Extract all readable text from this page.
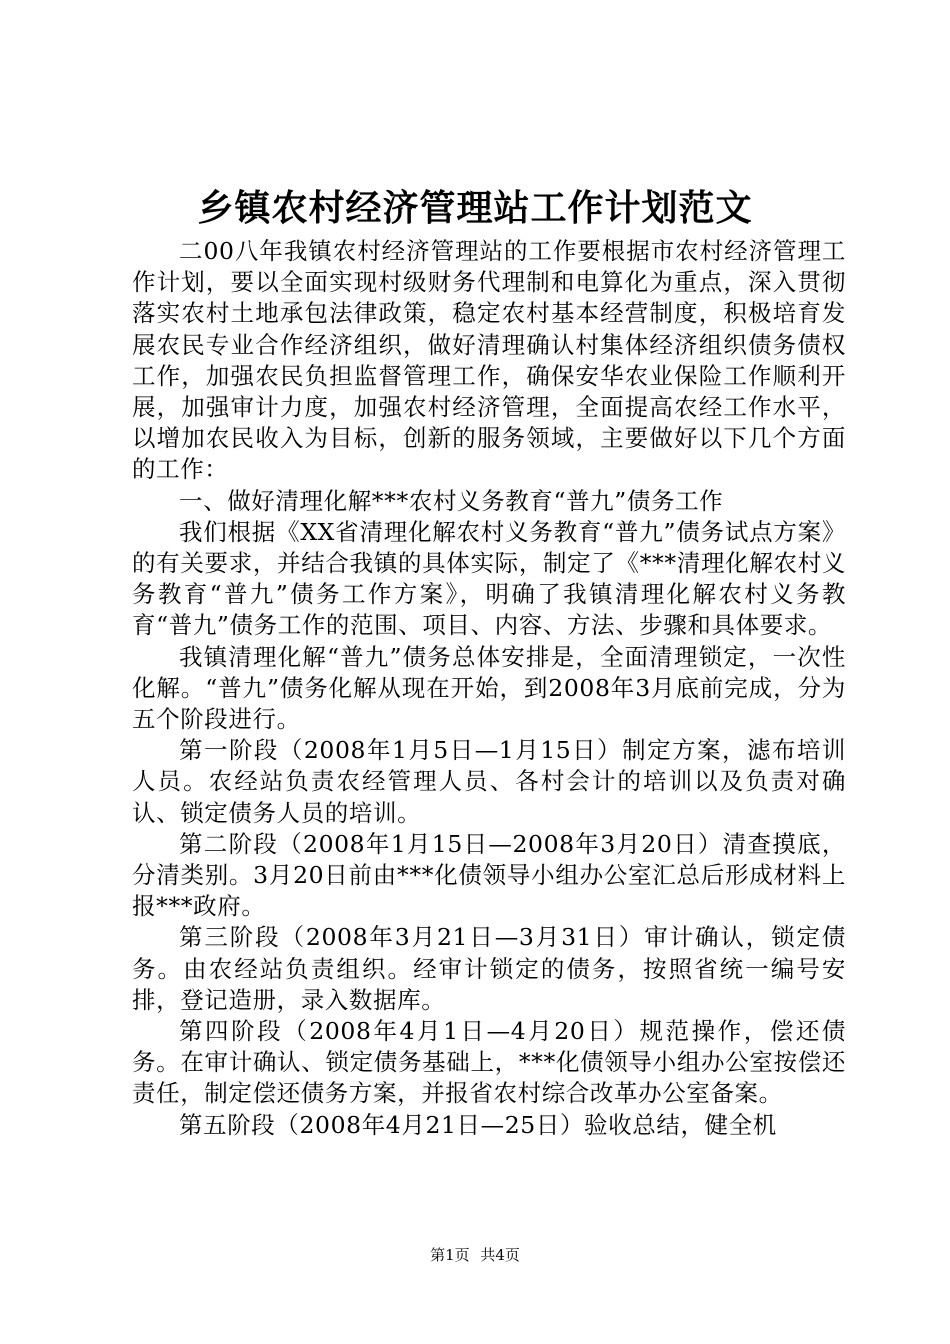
乡镇农村经济管理站工作计划范文

二00八年我镇农村经济管理站的工作要根据市农村经济管理工作计划，要以全面实现村级财务代理制和电算化为重点，深入贯彻落实农村土地承包法律政策，稳定农村基本经营制度，积极培育发展农民专业合作经济组织，做好清理确认村集体经济组织债务债权工作，加强农民负担监督管理工作，确保安华农业保险工作顺利开展，加强审计力度，加强农村经济管理，全面提高农经工作水平，以增加农民收入为目标，创新的服务领域，主要做好以下几个方面的工作：

一、做好清理化解***农村义务教育“普九”债务工作

我们根据《XX省清理化解农村义务教育“普九”债务试点方案》的有关要求，并结合我镇的具体实际，制定了《***清理化解农村义务教育“普九”债务工作方案》，明确了我镇清理化解农村义务教育“普九”债务工作的范围、项目、内容、方法、步骤和具体要求。

我镇清理化解“普九”债务总体安排是，全面清理锁定，一次性化解。“普九”债务化解从现在开始，到2008年3月底前完成，分为五个阶段进行。

第一阶段（2008年1月5日—1月15日）制定方案，滤布培训人员。农经站负责农经管理人员、各村会计的培训以及负责对确认、锁定债务人员的培训。

第二阶段（2008年1月15日—2008年3月20日）清查摸底，分清类别。3月20日前由***化债领导小组办公室汇总后形成材料上报***政府。

第三阶段（2008年3月21日—3月31日）审计确认，锁定债务。由农经站负责组织。经审计锁定的债务，按照省统一编号安排，登记造册，录入数据库。

第四阶段（2008年4月1日—4月20日）规范操作，偿还债务。在审计确认、锁定债务基础上，***化债领导小组办公室按偿还责任，制定偿还债务方案，并报省农村综合改革办公室备案。

第五阶段（2008年4月21日—25日）验收总结，健全机

第1页 共4页
